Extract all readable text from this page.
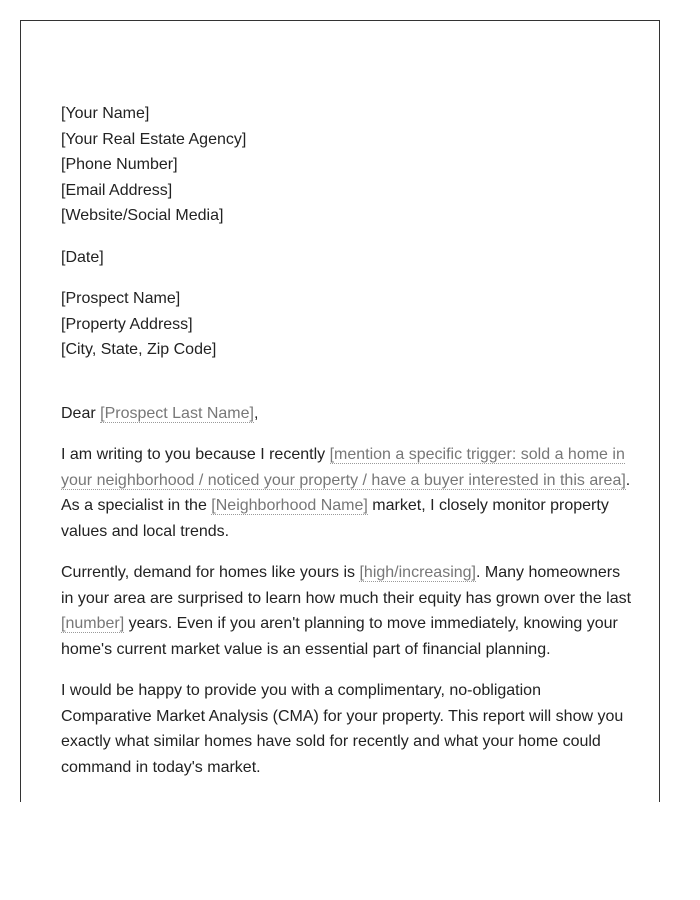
[Your Name]
[Your Real Estate Agency]
[Phone Number]
[Email Address]
[Website/Social Media]
[Date]
[Prospect Name]
[Property Address]
[City, State, Zip Code]

Dear [Prospect Last Name],

I am writing to you because I recently [mention a specific trigger: sold a home in your neighborhood / noticed your property / have a buyer interested in this area]. As a specialist in the [Neighborhood Name] market, I closely monitor property values and local trends.

Currently, demand for homes like yours is [high/increasing]. Many homeowners in your area are surprised to learn how much their equity has grown over the last [number] years. Even if you aren't planning to move immediately, knowing your home's current market value is an essential part of financial planning.

I would be happy to provide you with a complimentary, no-obligation Comparative Market Analysis (CMA) for your property. This report will show you exactly what similar homes have sold for recently and what your home could command in today's market.
